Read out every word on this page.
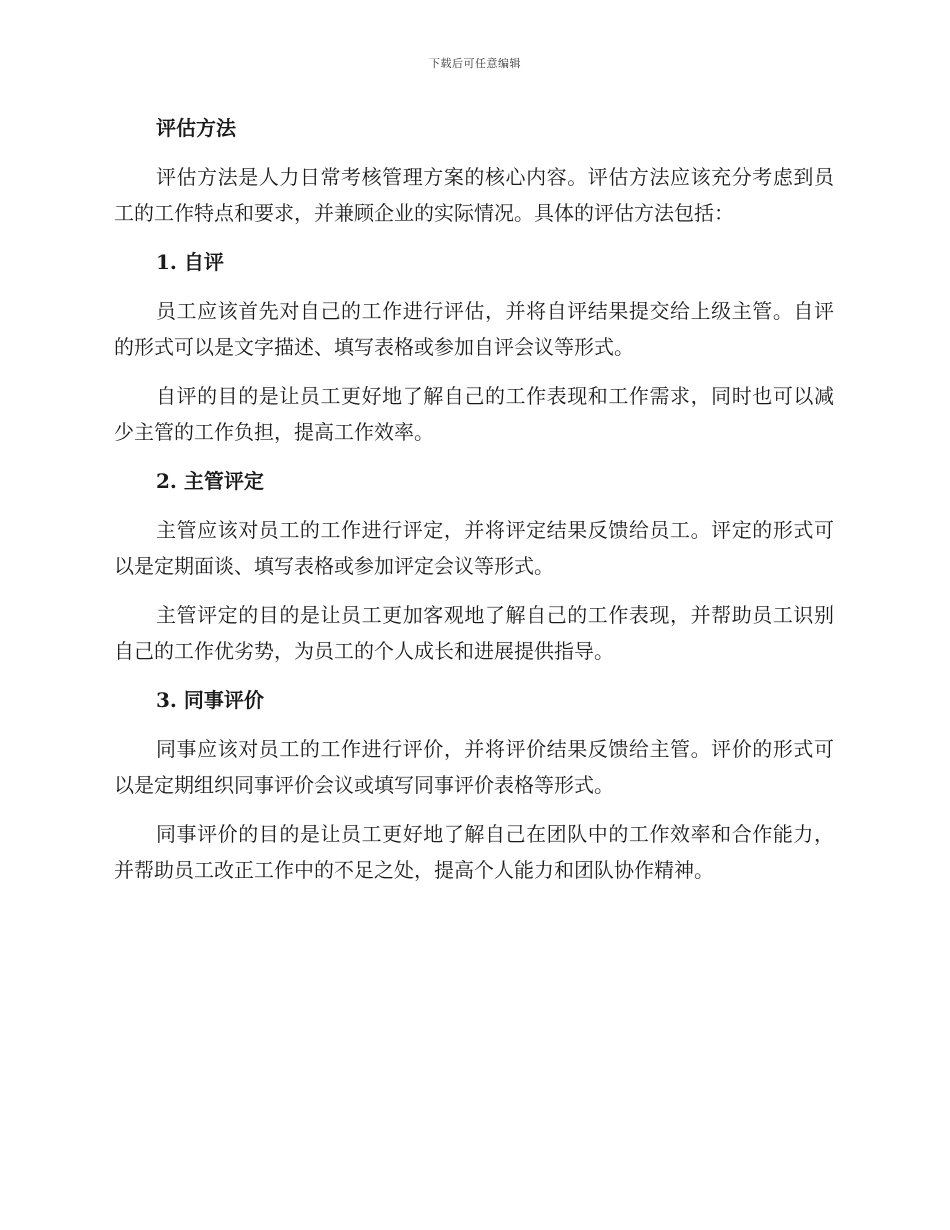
下载后可任意编辑
评估方法

评估方法是人力日常考核管理方案的核心内容。评估方法应该充分考虑到员工的工作特点和要求，并兼顾企业的实际情况。具体的评估方法包括：

1. 自评

员工应该首先对自己的工作进行评估，并将自评结果提交给上级主管。自评的形式可以是文字描述、填写表格或参加自评会议等形式。

自评的目的是让员工更好地了解自己的工作表现和工作需求，同时也可以减少主管的工作负担，提高工作效率。

2. 主管评定

主管应该对员工的工作进行评定，并将评定结果反馈给员工。评定的形式可以是定期面谈、填写表格或参加评定会议等形式。

主管评定的目的是让员工更加客观地了解自己的工作表现，并帮助员工识别自己的工作优劣势，为员工的个人成长和进展提供指导。

3. 同事评价

同事应该对员工的工作进行评价，并将评价结果反馈给主管。评价的形式可以是定期组织同事评价会议或填写同事评价表格等形式。

同事评价的目的是让员工更好地了解自己在团队中的工作效率和合作能力，并帮助员工改正工作中的不足之处，提高个人能力和团队协作精神。
